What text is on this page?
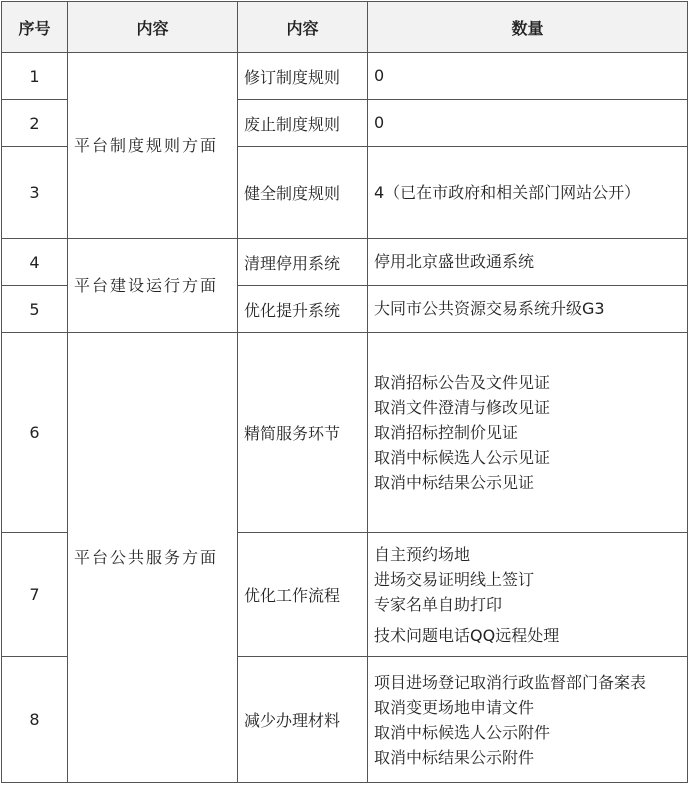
序号	内容	内容	数量
1	平台制度规则方面	修订制度规则	0
2		废止制度规则	0
3		健全制度规则	4（已在市政府和相关部门网站公开）
4	平台建设运行方面	清理停用系统	停用北京盛世政通系统
5		优化提升系统	大同市公共资源交易系统升级G3
6	平台公共服务方面	精简服务环节	取消招标公告及文件见证
取消文件澄清与修改见证
取消招标控制价见证
取消中标候选人公示见证
取消中标结果公示见证

7		优化工作流程	自主预约场地
进场交易证明线上签订
专家名单自助打印
技术问题电话QQ远程处理

8		减少办理材料	项目进场登记取消行政监督部门备案表
取消变更场地申请文件
取消中标候选人公示附件
取消中标结果公示附件
